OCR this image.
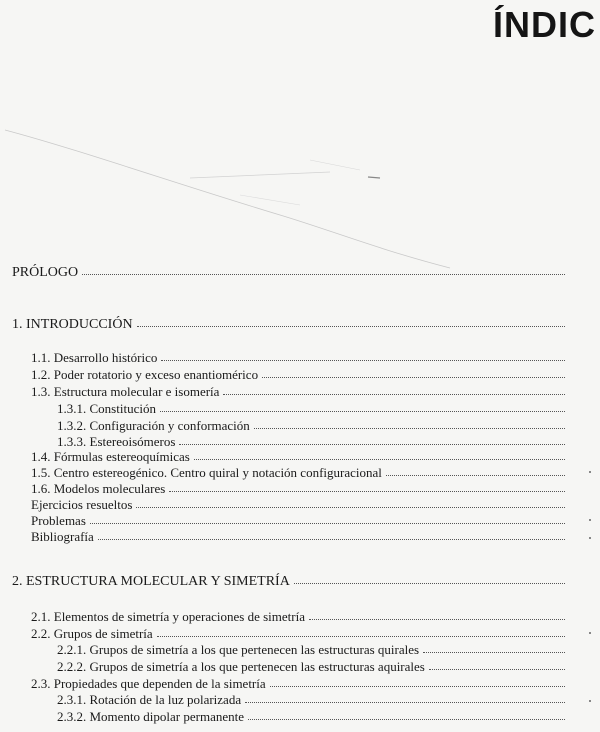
ÍNDIC
PRÓLOGO
1. INTRODUCCIÓN
1.1. Desarrollo histórico
1.2. Poder rotatorio y exceso enantiomérico
1.3. Estructura molecular e isomería
1.3.1. Constitución
1.3.2. Configuración y conformación
1.3.3. Estereoisómeros
1.4. Fórmulas estereoquímicas
1.5. Centro estereogénico. Centro quiral y notación configuracional
1.6. Modelos moleculares
Ejercicios resueltos
Problemas
Bibliografía
2. ESTRUCTURA MOLECULAR Y SIMETRÍA
2.1. Elementos de simetría y operaciones de simetría
2.2. Grupos de simetría
2.2.1. Grupos de simetría a los que pertenecen las estructuras quirales
2.2.2. Grupos de simetría a los que pertenecen las estructuras aquirales
2.3. Propiedades que dependen de la simetría
2.3.1. Rotación de la luz polarizada
2.3.2. Momento dipolar permanente
